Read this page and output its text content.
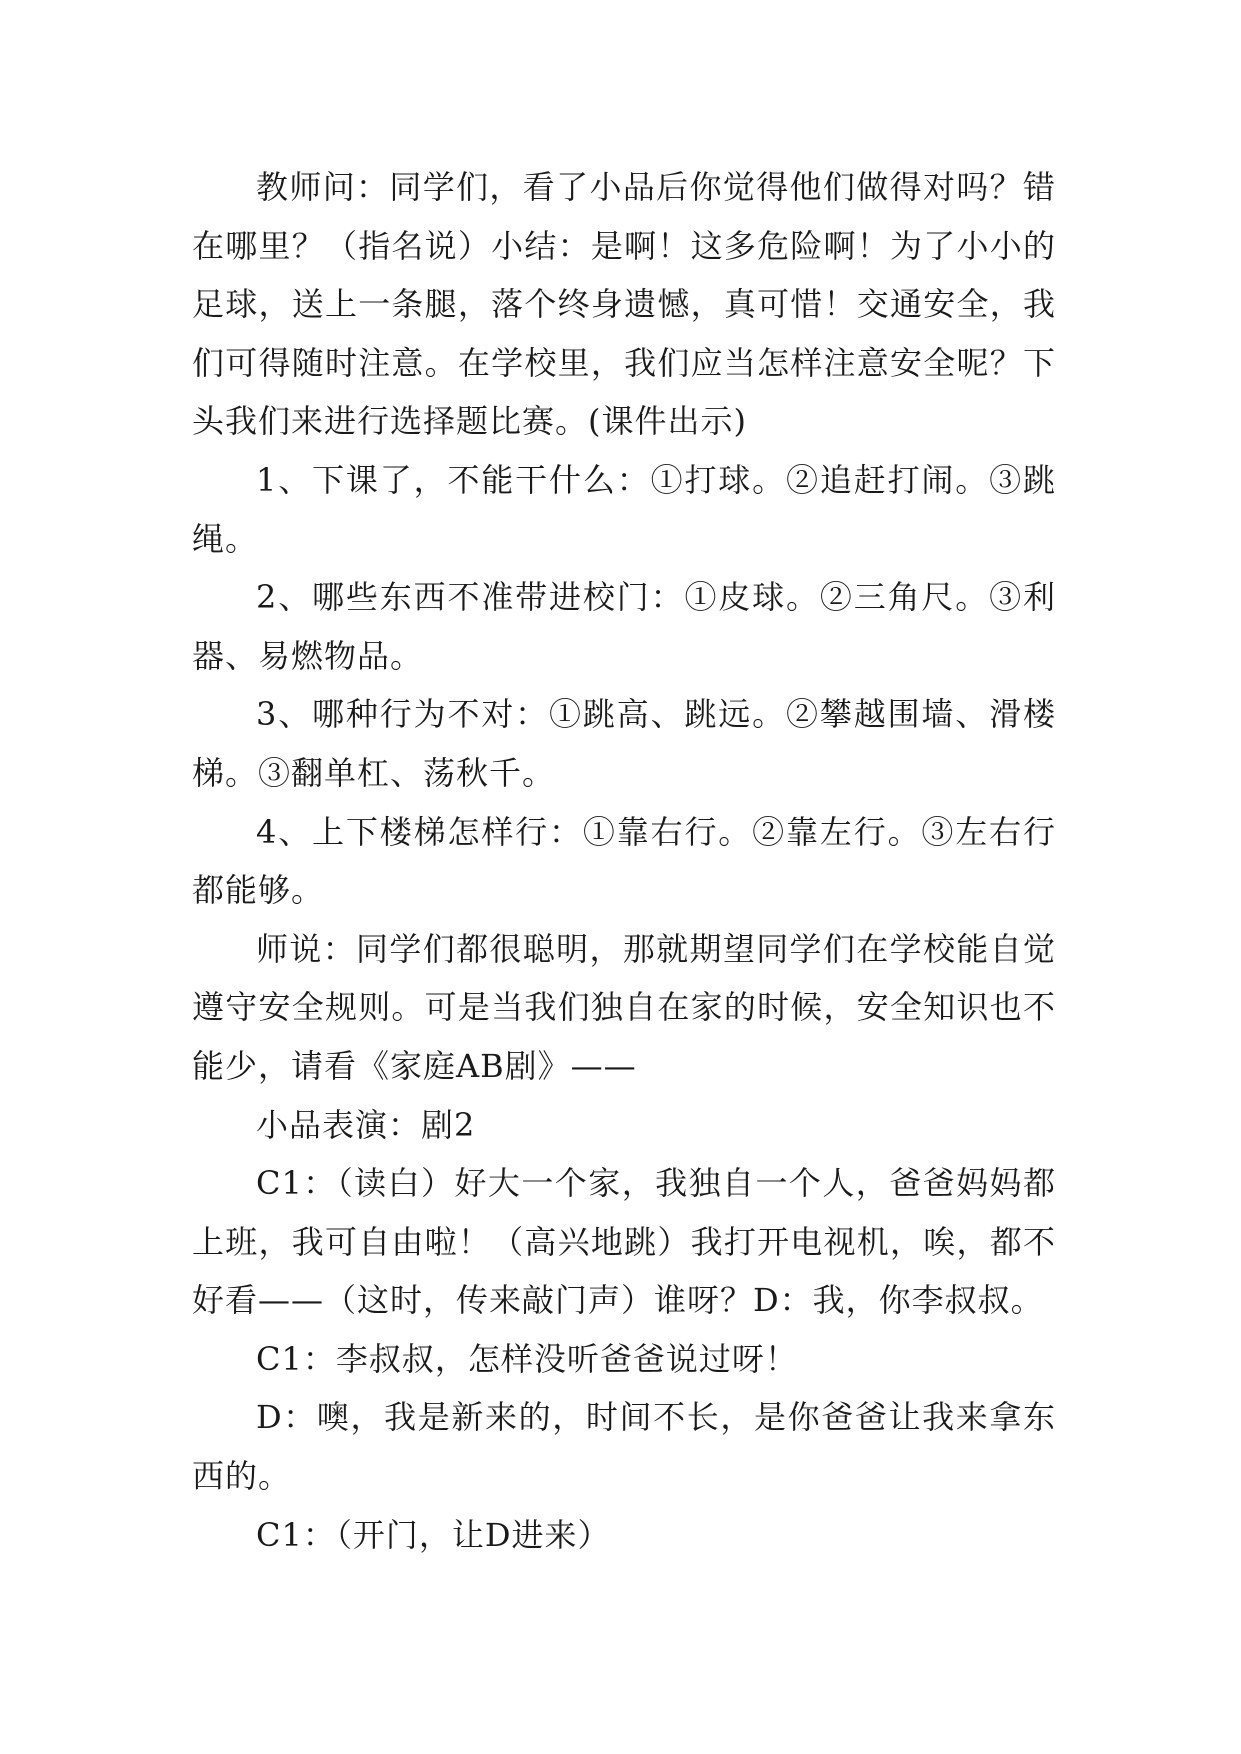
教师问：同学们，看了小品后你觉得他们做得对吗？错在哪里？（指名说）小结：是啊！这多危险啊！为了小小的足球，送上一条腿，落个终身遗憾，真可惜！交通安全，我们可得随时注意。在学校里，我们应当怎样注意安全呢？下头我们来进行选择题比赛。(课件出示)

1、下课了，不能干什么：①打球。②追赶打闹。③跳绳。

2、哪些东西不准带进校门：①皮球。②三角尺。③利器、易燃物品。

3、哪种行为不对：①跳高、跳远。②攀越围墙、滑楼梯。③翻单杠、荡秋千。

4、上下楼梯怎样行：①靠右行。②靠左行。③左右行都能够。

师说：同学们都很聪明，那就期望同学们在学校能自觉遵守安全规则。可是当我们独自在家的时候，安全知识也不能少，请看《家庭AB剧》——

小品表演：剧2

C1：（读白）好大一个家，我独自一个人，爸爸妈妈都上班，我可自由啦！（高兴地跳）我打开电视机，唉，都不好看——（这时，传来敲门声）谁呀？D：我，你李叔叔。

C1：李叔叔，怎样没听爸爸说过呀！

D：噢，我是新来的，时间不长，是你爸爸让我来拿东西的。

C1：（开门，让D进来）
